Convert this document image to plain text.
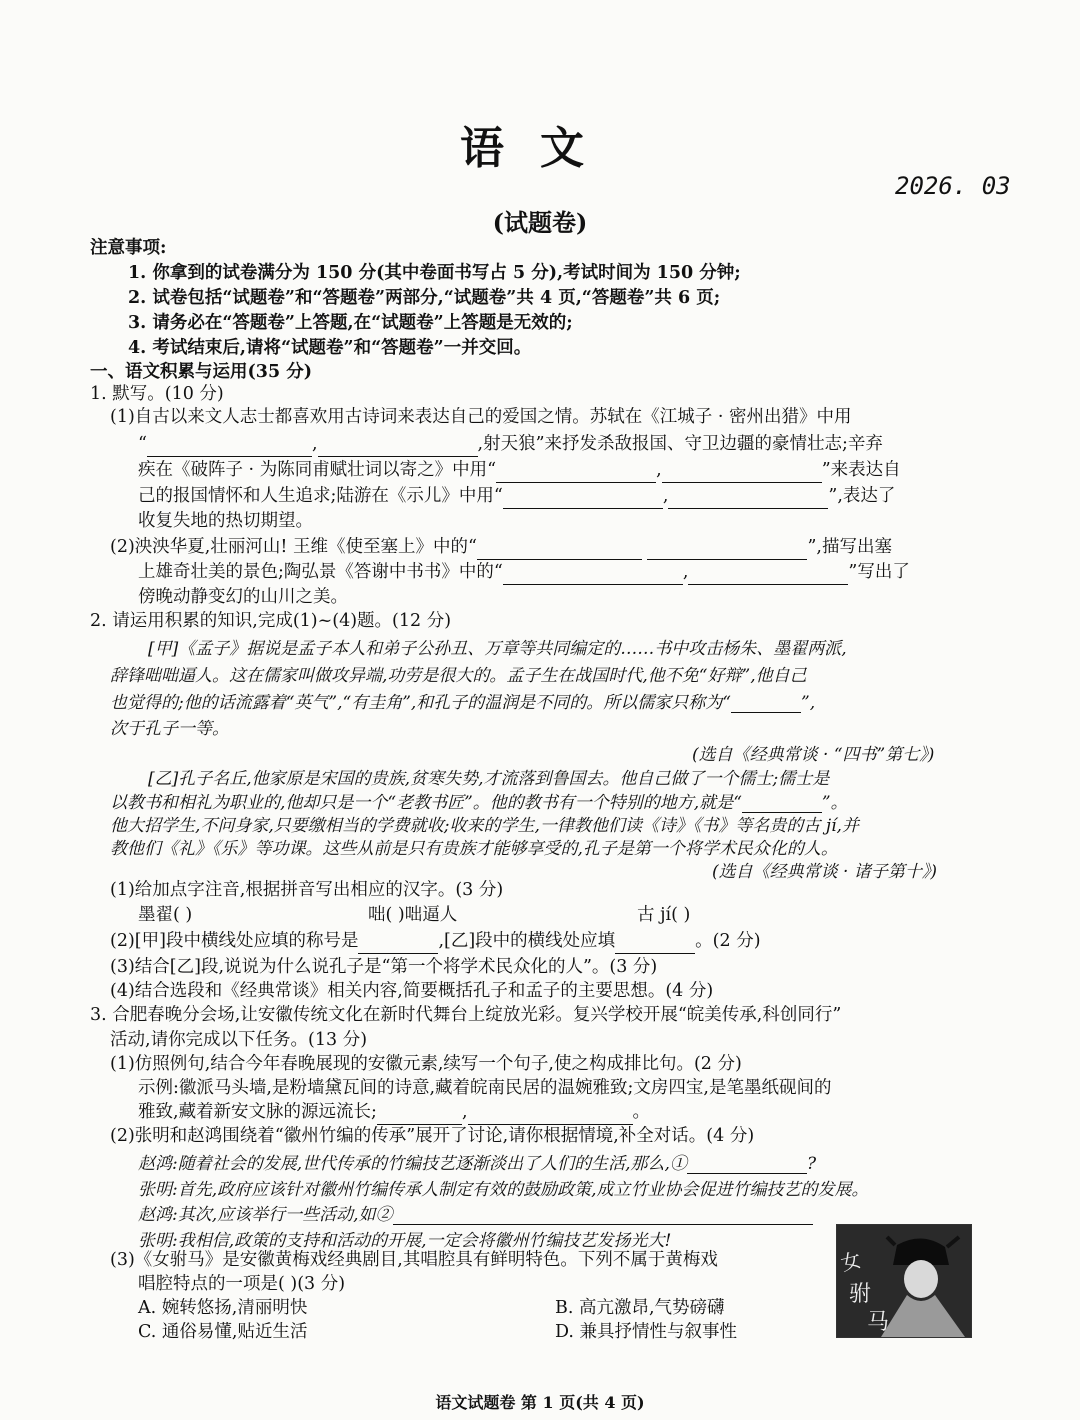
语文
2026. 03
(试题卷)
注意事项:
1. 你拿到的试卷满分为 150 分(其中卷面书写占 5 分),考试时间为 150 分钟;
2. 试卷包括“试题卷”和“答题卷”两部分,“试题卷”共 4 页,“答题卷”共 6 页;
3. 请务必在“答题卷”上答题,在“试题卷”上答题是无效的;
4. 考试结束后,请将“试题卷”和“答题卷”一并交回。
一、语文积累与运用(35 分)
1. 默写。(10 分)
(1)自古以来文人志士都喜欢用古诗词来表达自己的爱国之情。苏轼在《江城子 · 密州出猎》中用
“	,	,射天狼”来抒发杀敌报国、守卫边疆的豪情壮志;辛弃
疾在《破阵子 · 为陈同甫赋壮词以寄之》中用“	,	”来表达自
己的报国情怀和人生追求;陆游在《示儿》中用“	,	”,表达了
收复失地的热切期望。
(2)泱泱华夏,壮丽河山! 王维《使至塞上》中的“	”,描写出塞
上雄奇壮美的景色;陶弘景《答谢中书书》中的“	,	”写出了
傍晚动静变幻的山川之美。
2. 请运用积累的知识,完成(1)~(4)题。(12 分)
[甲]《孟子》据说是孟子本人和弟子公孙丑、万章等共同编定的……书中攻击杨朱、墨翟两派,
辞锋咄咄逼人。这在儒家叫做攻异端,功劳是很大的。孟子生在战国时代,他不免“好辩”,他自己
也觉得的;他的话流露着“英气”,“有圭角”,和孔子的温润是不同的。所以儒家只称为“	”,
次于孔子一等。
(选自《经典常谈 · “四书”第七》)
[乙]孔子名丘,他家原是宋国的贵族,贫寒失势,才流落到鲁国去。他自己做了一个儒士;儒士是
以教书和相礼为职业的,他却只是一个“老教书匠”。他的教书有一个特别的地方,就是“	”。
他大招学生,不问身家,只要缴相当的学费就收;收来的学生,一律教他们读《诗》《书》等名贵的古 jí,并
教他们《礼》《乐》等功课。这些从前是只有贵族才能够享受的,孔子是第一个将学术民众化的人。
(选自《经典常谈 · 诸子第十》)
(1)给加点字注音,根据拼音写出相应的汉字。(3 分)
墨翟( )	咄( )咄逼人	古 jí( )
(2)[甲]段中横线处应填的称号是	,[乙]段中的横线处应填	。(2 分)
(3)结合[乙]段,说说为什么说孔子是“第一个将学术民众化的人”。(3 分)
(4)结合选段和《经典常谈》相关内容,简要概括孔子和孟子的主要思想。(4 分)
3. 合肥春晚分会场,让安徽传统文化在新时代舞台上绽放光彩。复兴学校开展“皖美传承,科创同行”
活动,请你完成以下任务。(13 分)
(1)仿照例句,结合今年春晚展现的安徽元素,续写一个句子,使之构成排比句。(2 分)
示例:徽派马头墙,是粉墙黛瓦间的诗意,藏着皖南民居的温婉雅致;文房四宝,是笔墨纸砚间的
雅致,藏着新安文脉的源远流长;	,	。
(2)张明和赵鸿围绕着“徽州竹编的传承”展开了讨论,请你根据情境,补全对话。(4 分)
赵鸿:随着社会的发展,世代传承的竹编技艺逐渐淡出了人们的生活,那么,①	?
张明:首先,政府应该针对徽州竹编传承人制定有效的鼓励政策,成立竹业协会促进竹编技艺的发展。
赵鸿:其次,应该举行一些活动,如②
张明:我相信,政策的支持和活动的开展,一定会将徽州竹编技艺发扬光大!
(3)《女驸马》是安徽黄梅戏经典剧目,其唱腔具有鲜明特色。下列不属于黄梅戏
唱腔特点的一项是( )(3 分)
A. 婉转悠扬,清丽明快	B. 高亢激昂,气势磅礴
C. 通俗易懂,贴近生活	D. 兼具抒情性与叙事性
女
驸
马
语文试题卷 第 1 页(共 4 页)
